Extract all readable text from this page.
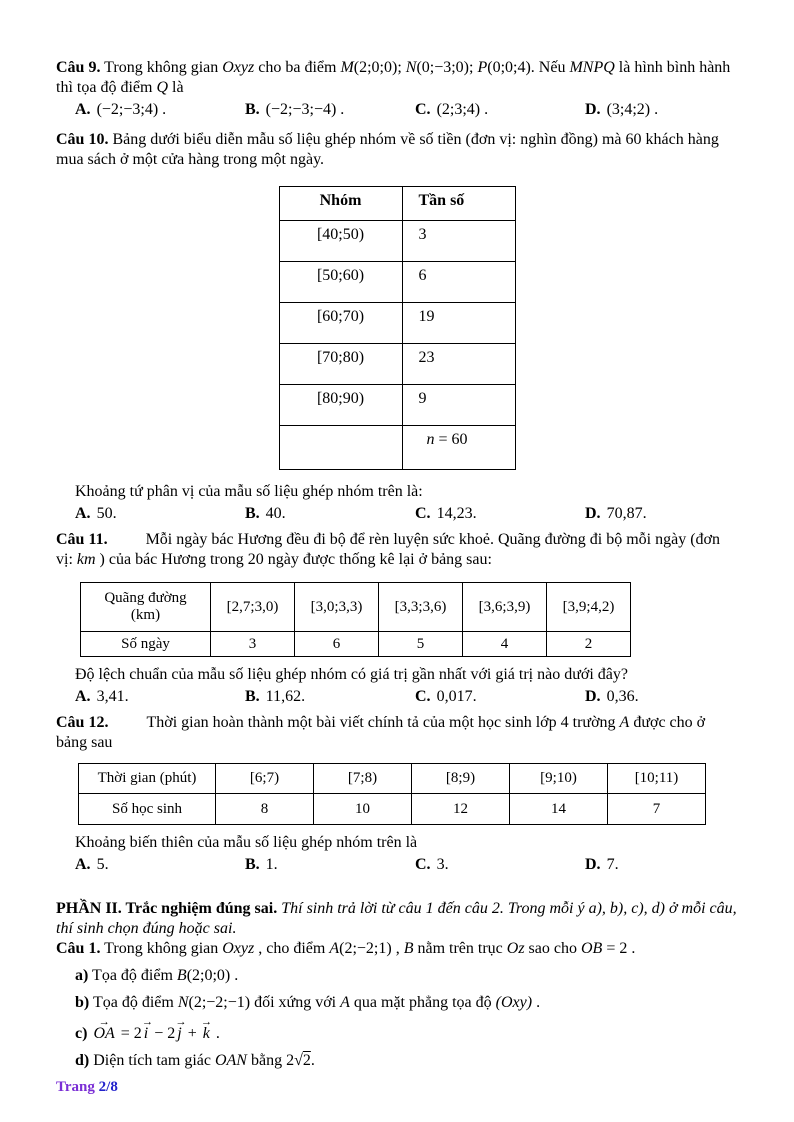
Câu 9. Trong không gian Oxyz cho ba điểm M(2;0;0); N(0;−3;0); P(0;0;4). Nếu MNPQ là hình bình hành thì tọa độ điểm Q là

A. (−2;−3;4) .	B. (−2;−3;−4) .	C. (2;3;4) .	D. (3;4;2) .

Câu 10. Bảng dưới biểu diễn mẫu số liệu ghép nhóm về số tiền (đơn vị: nghìn đồng) mà 60 khách hàng mua sách ở một cửa hàng trong một ngày.

Nhóm	Tần số
[40;50)	3
[50;60)	6
[60;70)	19
[70;80)	23
[80;90)	9
	n = 60

Khoảng tứ phân vị của mẫu số liệu ghép nhóm trên là:

A. 50.	B. 40.	C. 14,23.	D. 70,87.

Câu 11. Mỗi ngày bác Hương đều đi bộ để rèn luyện sức khoẻ. Quãng đường đi bộ mỗi ngày (đơn vị: km ) của bác Hương trong 20 ngày được thống kê lại ở bảng sau:

Quãng đường
(km)	[2,7;3,0)	[3,0;3,3)	[3,3;3,6)	[3,6;3,9)	[3,9;4,2)
Số ngày	3	6	5	4	2

Độ lệch chuẩn của mẫu số liệu ghép nhóm có giá trị gần nhất với giá trị nào dưới đây?

A. 3,41.	B. 11,62.	C. 0,017.	D. 0,36.

Câu 12. Thời gian hoàn thành một bài viết chính tả của một học sinh lớp 4 trường A được cho ở bảng sau

Thời gian (phút)	[6;7)	[7;8)	[8;9)	[9;10)	[10;11)
Số học sinh	8	10	12	14	7

Khoảng biến thiên của mẫu số liệu ghép nhóm trên là

A. 5.	B. 1.	C. 3.	D. 7.

PHẦN II. Trắc nghiệm đúng sai. Thí sinh trả lời từ câu 1 đến câu 2. Trong mỗi ý a), b), c), d) ở mỗi câu, thí sinh chọn đúng hoặc sai.

Câu 1. Trong không gian Oxyz , cho điểm A(2;−2;1) , B nằm trên trục Oz sao cho OB = 2 .

a) Tọa độ điểm B(2;0;0) .

b) Tọa độ điểm N(2;−2;−1) đối xứng với A qua mặt phẳng tọa độ (Oxy) .

c)
→
OA = 2
→
i − 2
→
j +
→
k .

d) Diện tích tam giác OAN bằng 2√2.

Trang 2/8
